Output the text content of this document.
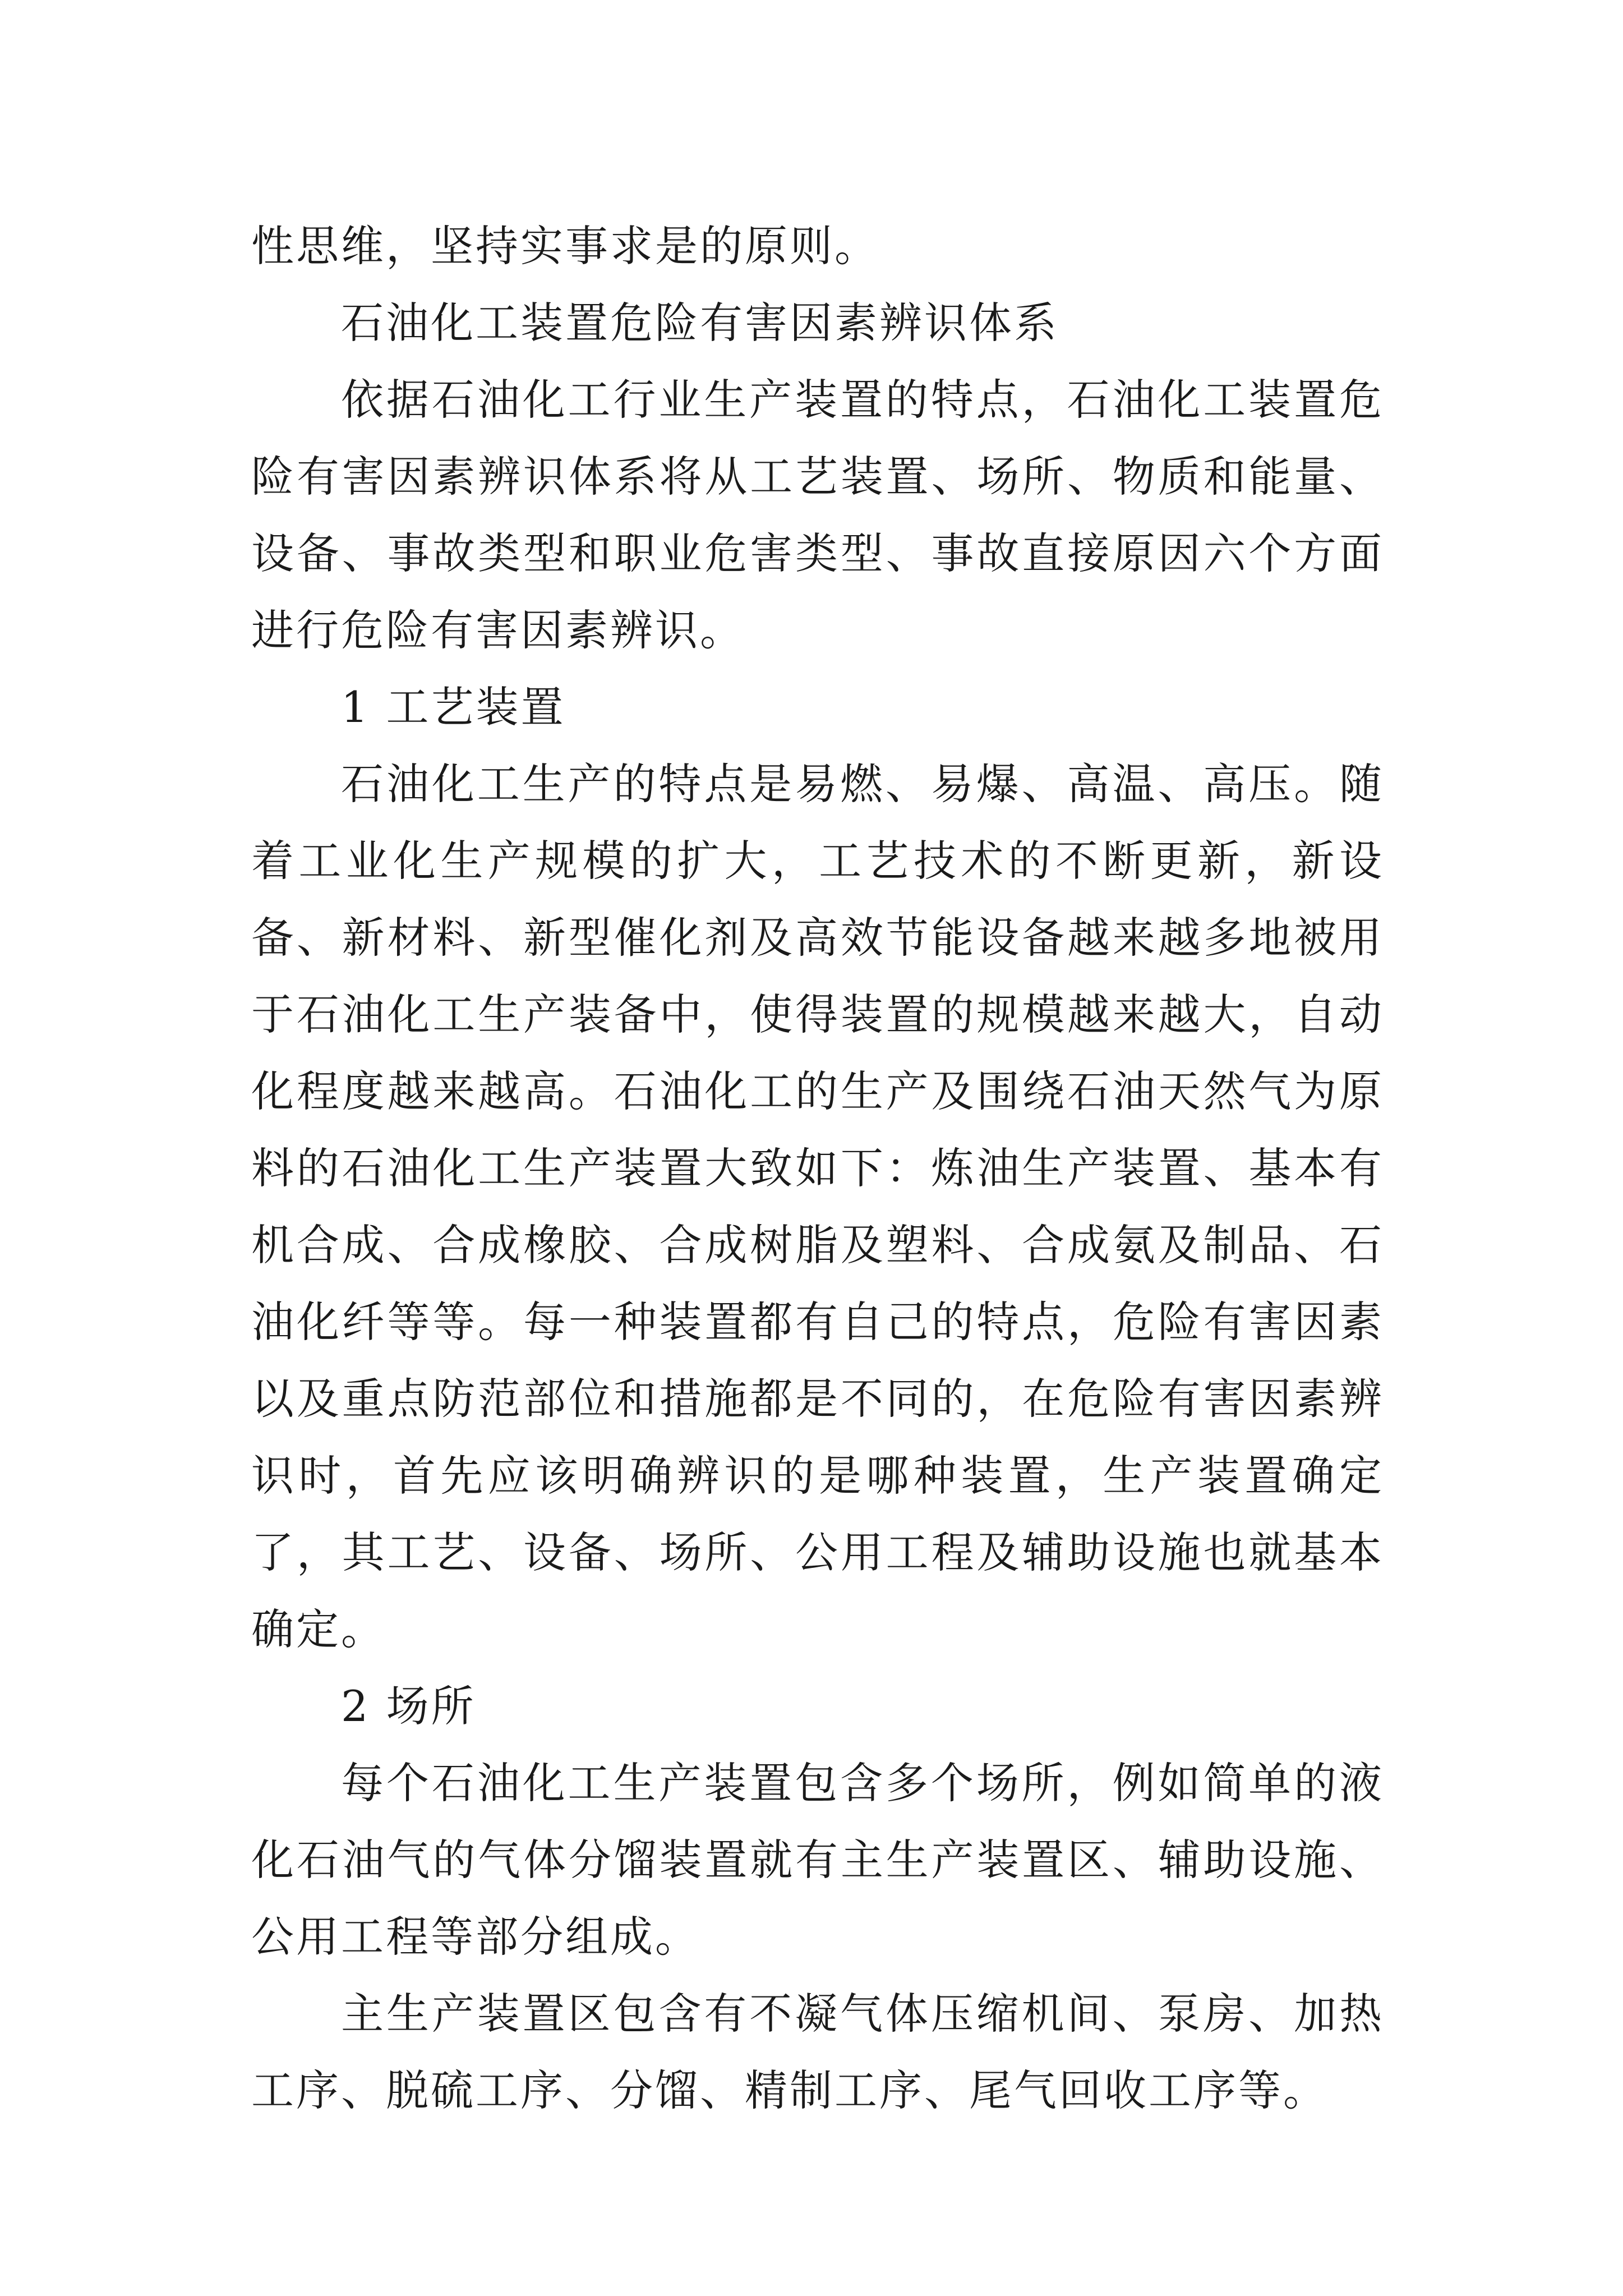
性思维，坚持实事求是的原则。

石油化工装置危险有害因素辨识体系

依据石油化工行业生产装置的特点，石油化工装置危险有害因素辨识体系将从工艺装置、场所、物质和能量、设备、事故类型和职业危害类型、事故直接原因六个方面进行危险有害因素辨识。

1 工艺装置

石油化工生产的特点是易燃、易爆、高温、高压。随着工业化生产规模的扩大，工艺技术的不断更新，新设备、新材料、新型催化剂及高效节能设备越来越多地被用于石油化工生产装备中，使得装置的规模越来越大，自动化程度越来越高。石油化工的生产及围绕石油天然气为原料的石油化工生产装置大致如下：炼油生产装置、基本有机合成、合成橡胶、合成树脂及塑料、合成氨及制品、石油化纤等等。每一种装置都有自己的特点，危险有害因素以及重点防范部位和措施都是不同的，在危险有害因素辨识时，首先应该明确辨识的是哪种装置，生产装置确定了，其工艺、设备、场所、公用工程及辅助设施也就基本确定。

2 场所

每个石油化工生产装置包含多个场所，例如简单的液化石油气的气体分馏装置就有主生产装置区、辅助设施、公用工程等部分组成。

主生产装置区包含有不凝气体压缩机间、泵房、加热工序、脱硫工序、分馏、精制工序、尾气回收工序等。
